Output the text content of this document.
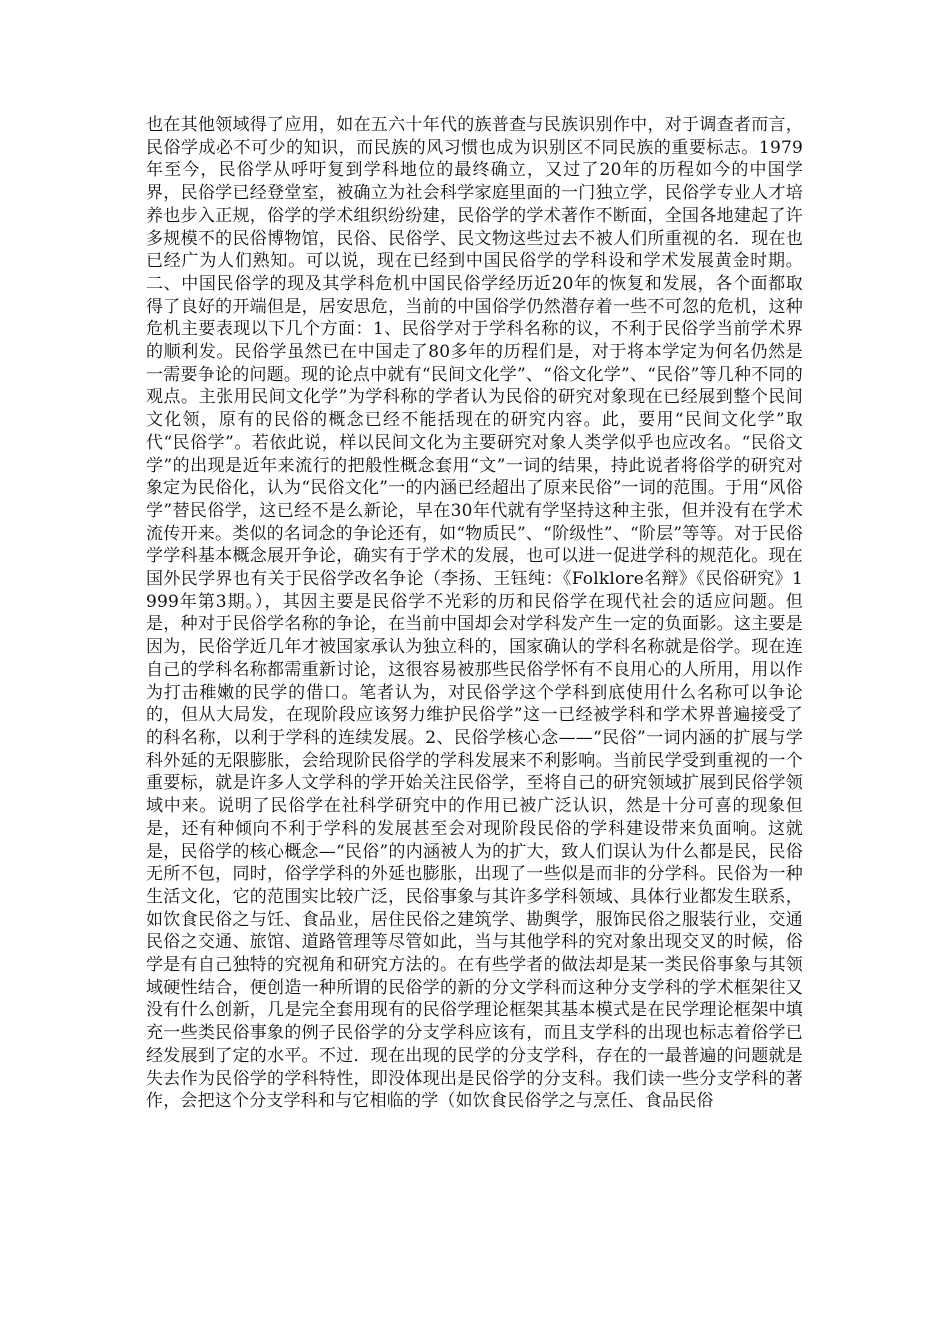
也在其他领域得了应用，如在五六十年代的族普查与民族识别作中，对于调查者而言，民俗学成必不可少的知识，而民族的风习惯也成为识别区不同民族的重要标志。1979年至今，民俗学从呼吁复到学科地位的最终确立，又过了20年的历程如今的中国学界，民俗学已经登堂室，被确立为社会科学家庭里面的一门独立学，民俗学专业人才培养也步入正规，俗学的学术组织纷纷建，民俗学的学术著作不断面，全国各地建起了许多规模不的民俗博物馆，民俗、民俗学、民文物这些过去不被人们所重视的名．现在也已经广为人们熟知。可以说，现在已经到中国民俗学的学科设和学术发展黄金时期。二、中国民俗学的现及其学科危机中国民俗学经历近20年的恢复和发展，各个面都取得了良好的开端但是，居安思危，当前的中国俗学仍然潜存着一些不可忽的危机，这种危机主要表现以下几个方面：1、民俗学对于学科名称的议，不利于民俗学当前学术界的顺利发。民俗学虽然已在中国走了80多年的历程们是，对于将本学定为何名仍然是一需要争论的问题。现的论点中就有“民间文化学”、“俗文化学”、“民俗”等几种不同的观点。主张用民间文化学”为学科称的学者认为民俗的研究对象现在已经展到整个民间文化领，原有的民俗的概念已经不能括现在的研究内容。此，要用“民间文化学”取代“民俗学”。若依此说，样以民间文化为主要研究对象人类学似乎也应改名。“民俗文学”的出现是近年来流行的把般性概念套用“文”一词的结果，持此说者将俗学的研究对象定为民俗化，认为“民俗文化”一的内涵已经超出了原来民俗”一词的范围。于用“风俗学”替民俗学，这已经不是么新论，早在30年代就有学坚持这种主张，但并没有在学术流传开来。类似的名词念的争论还有，如“物质民”、“阶级性”、“阶层”等等。对于民俗学学科基本概念展开争论，确实有于学术的发展，也可以进一促进学科的规范化。现在国外民学界也有关于民俗学改名争论（李扬、王钰纯：《Folklore名辩》《民俗研究》1999年第3期。），其因主要是民俗学不光彩的历和民俗学在现代社会的适应问题。但是，种对于民俗学名称的争论，在当前中国却会对学科发产生一定的负面影。这主要是因为，民俗学近几年才被国家承认为独立科的，国家确认的学科名称就是俗学。现在连自己的学科名称都需重新讨论，这很容易被那些民俗学怀有不良用心的人所用，用以作为打击稚嫩的民学的借口。笔者认为，对民俗学这个学科到底使用什么名称可以争论的，但从大局发，在现阶段应该努力维护民俗学”这一已经被学科和学术界普遍接受了的科名称，以利于学科的连续发展。2、民俗学核心念——“民俗”一词内涵的扩展与学科外延的无限膨胀，会给现阶民俗学的学科发展来不利影响。当前民学受到重视的一个重要标，就是许多人文学科的学开始关注民俗学，至将自己的研究领域扩展到民俗学领域中来。说明了民俗学在社科学研究中的作用已被广泛认识，然是十分可喜的现象但是，还有种倾向不利于学科的发展甚至会对现阶段民俗的学科建设带来负面响。这就是，民俗学的核心概念—“民俗”的内涵被人为的扩大，致人们误认为什么都是民，民俗无所不包，同时，俗学学科的外延也膨胀，出现了一些似是而非的分学科。民俗为一种生活文化，它的范围实比较广泛，民俗事象与其许多学科领域、具体行业都发生联系，如饮食民俗之与饪、食品业，居住民俗之建筑学、勘舆学，服饰民俗之服装行业，交通民俗之交通、旅馆、道路管理等尽管如此，当与其他学科的究对象出现交叉的时候，俗学是有自己独特的究视角和研究方法的。在有些学者的做法却是某一类民俗事象与其领域硬性结合，便创造一种所谓的民俗学的新的分文学科而这种分支学科的学术框架往又没有什么创新，几是完全套用现有的民俗学理论框架其基本模式是在民学理论框架中填充一些类民俗事象的例子民俗学的分支学科应该有，而且支学科的出现也标志着俗学已经发展到了定的水平。不过．现在出现的民学的分支学科，存在的一最普遍的问题就是失去作为民俗学的学科特性，即没体现出是民俗学的分支科。我们读一些分支学科的著作，会把这个分支学科和与它相临的学（如饮食民俗学之与烹任、食品民俗
